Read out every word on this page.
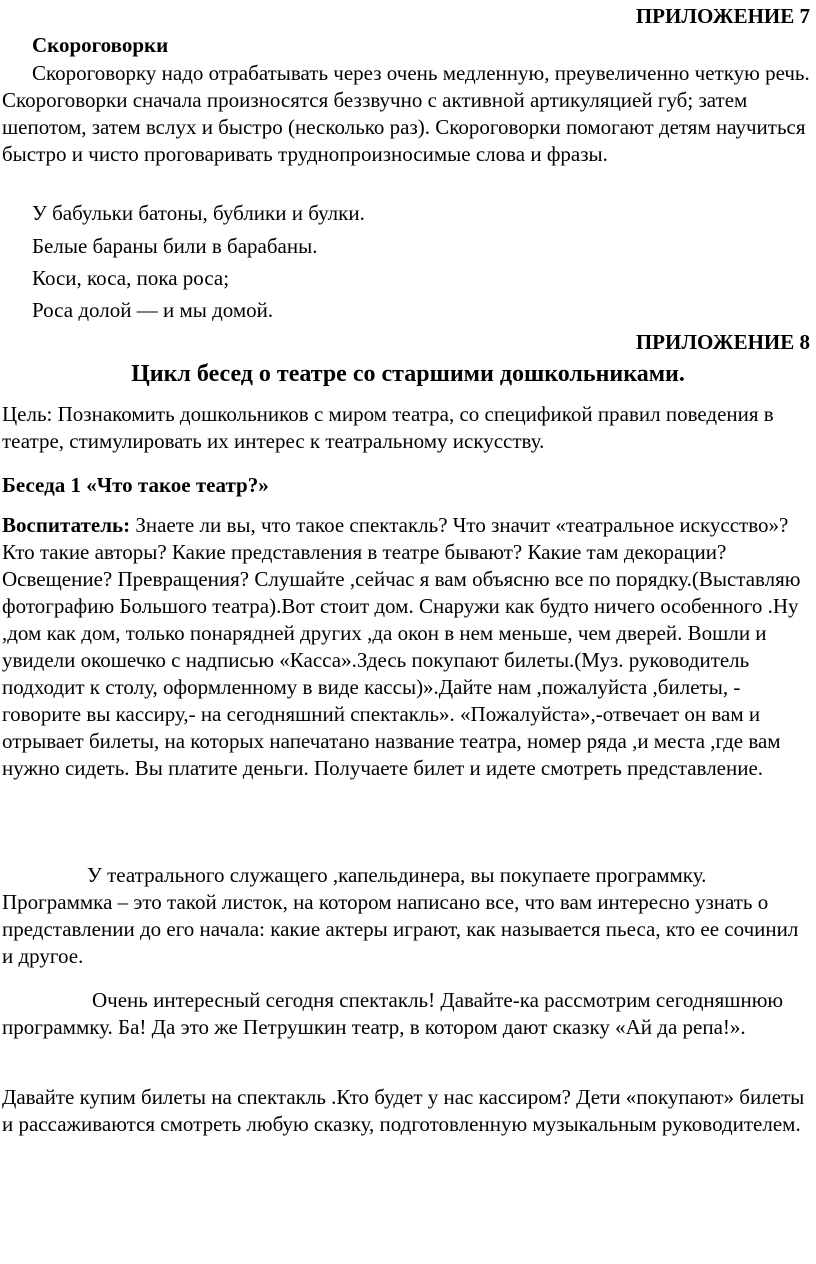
ПРИЛОЖЕНИЕ 7
Скороговорки
Скороговорку надо отрабатывать через очень медленную, преувеличенно четкую речь. Скороговорки сначала произносятся беззвучно с активной артикуляцией губ; затем шепотом, затем вслух и быстро (несколько раз). Скороговорки помогают детям научиться быстро и чисто проговаривать труднопроизносимые слова и фразы.
У бабульки батоны, бублики и булки.
Белые бараны били в барабаны.
Коси, коса, пока роса;
Роса долой — и мы домой.
ПРИЛОЖЕНИЕ 8
Цикл бесед о театре со старшими дошкольниками.
Цель: Познакомить дошкольников с миром театра, со спецификой правил поведения в театре, стимулировать их интерес к театральному искусству.
Беседа 1 «Что такое театр?»
Воспитатель: Знаете ли вы, что такое спектакль? Что значит «театральное искусство»? Кто такие авторы? Какие представления в театре бывают? Какие там декорации? Освещение? Превращения? Слушайте ,сейчас я вам объясню все по порядку.(Выставляю фотографию Большого театра).Вот стоит дом. Снаружи как будто ничего особенного .Ну ,дом как дом, только понарядней других ,да окон в нем меньше, чем дверей. Вошли и увидели окошечко с надписью «Касса».Здесь покупают билеты.(Муз. руководитель подходит к столу, оформленному в виде кассы)».Дайте нам ,пожалуйста ,билеты, - говорите вы кассиру,- на сегодняшний спектакль». «Пожалуйста»,-отвечает он вам и отрывает билеты, на которых напечатано название театра, номер ряда ,и места ,где вам нужно сидеть. Вы платите деньги. Получаете билет и идете смотреть представление.
У театрального служащего ,капельдинера, вы покупаете программку. Программка – это такой листок, на котором написано все, что вам интересно узнать о представлении до его начала: какие актеры играют, как называется пьеса, кто ее сочинил и другое.
Очень интересный сегодня спектакль! Давайте-ка рассмотрим сегодняшнюю программку. Ба! Да это же Петрушкин театр, в котором дают сказку «Ай да репа!».
Давайте купим билеты на спектакль .Кто будет у нас кассиром? Дети «покупают» билеты и рассаживаются смотреть любую сказку, подготовленную музыкальным руководителем.
